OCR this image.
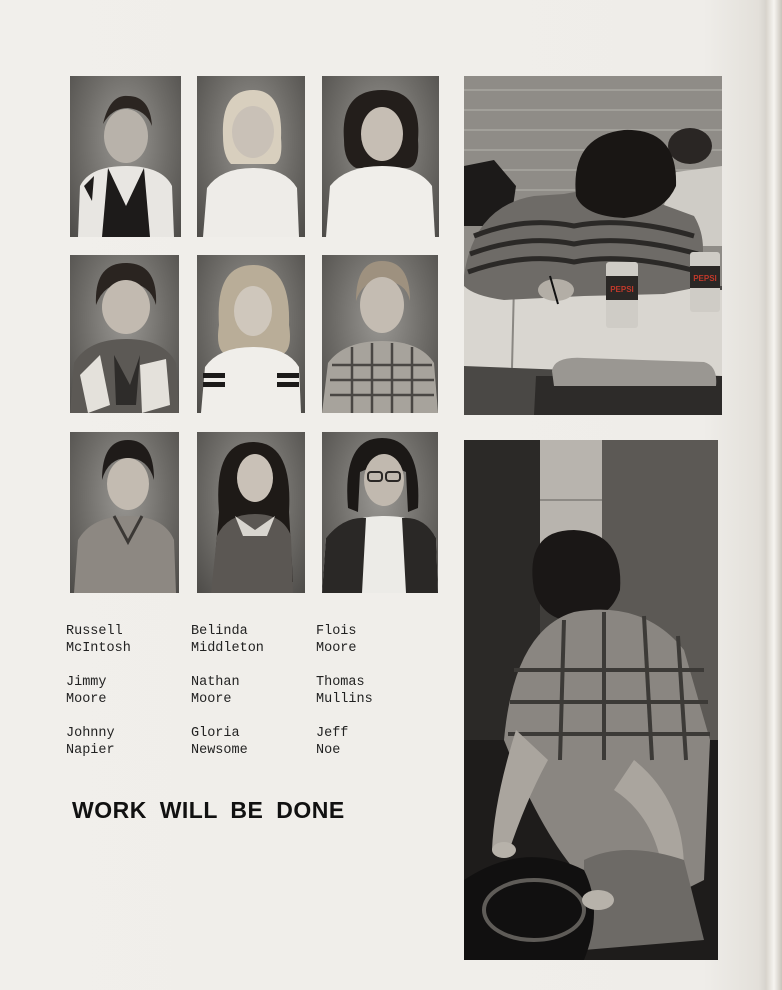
Russell
McIntosh
Belinda
Middleton
Flois
Moore
Jimmy
Moore
Nathan
Moore
Thomas
Mullins
Johnny
Napier
Gloria
Newsome
Jeff
Noe
WORK WILL BE DONE
PEPSI
PEPSI
